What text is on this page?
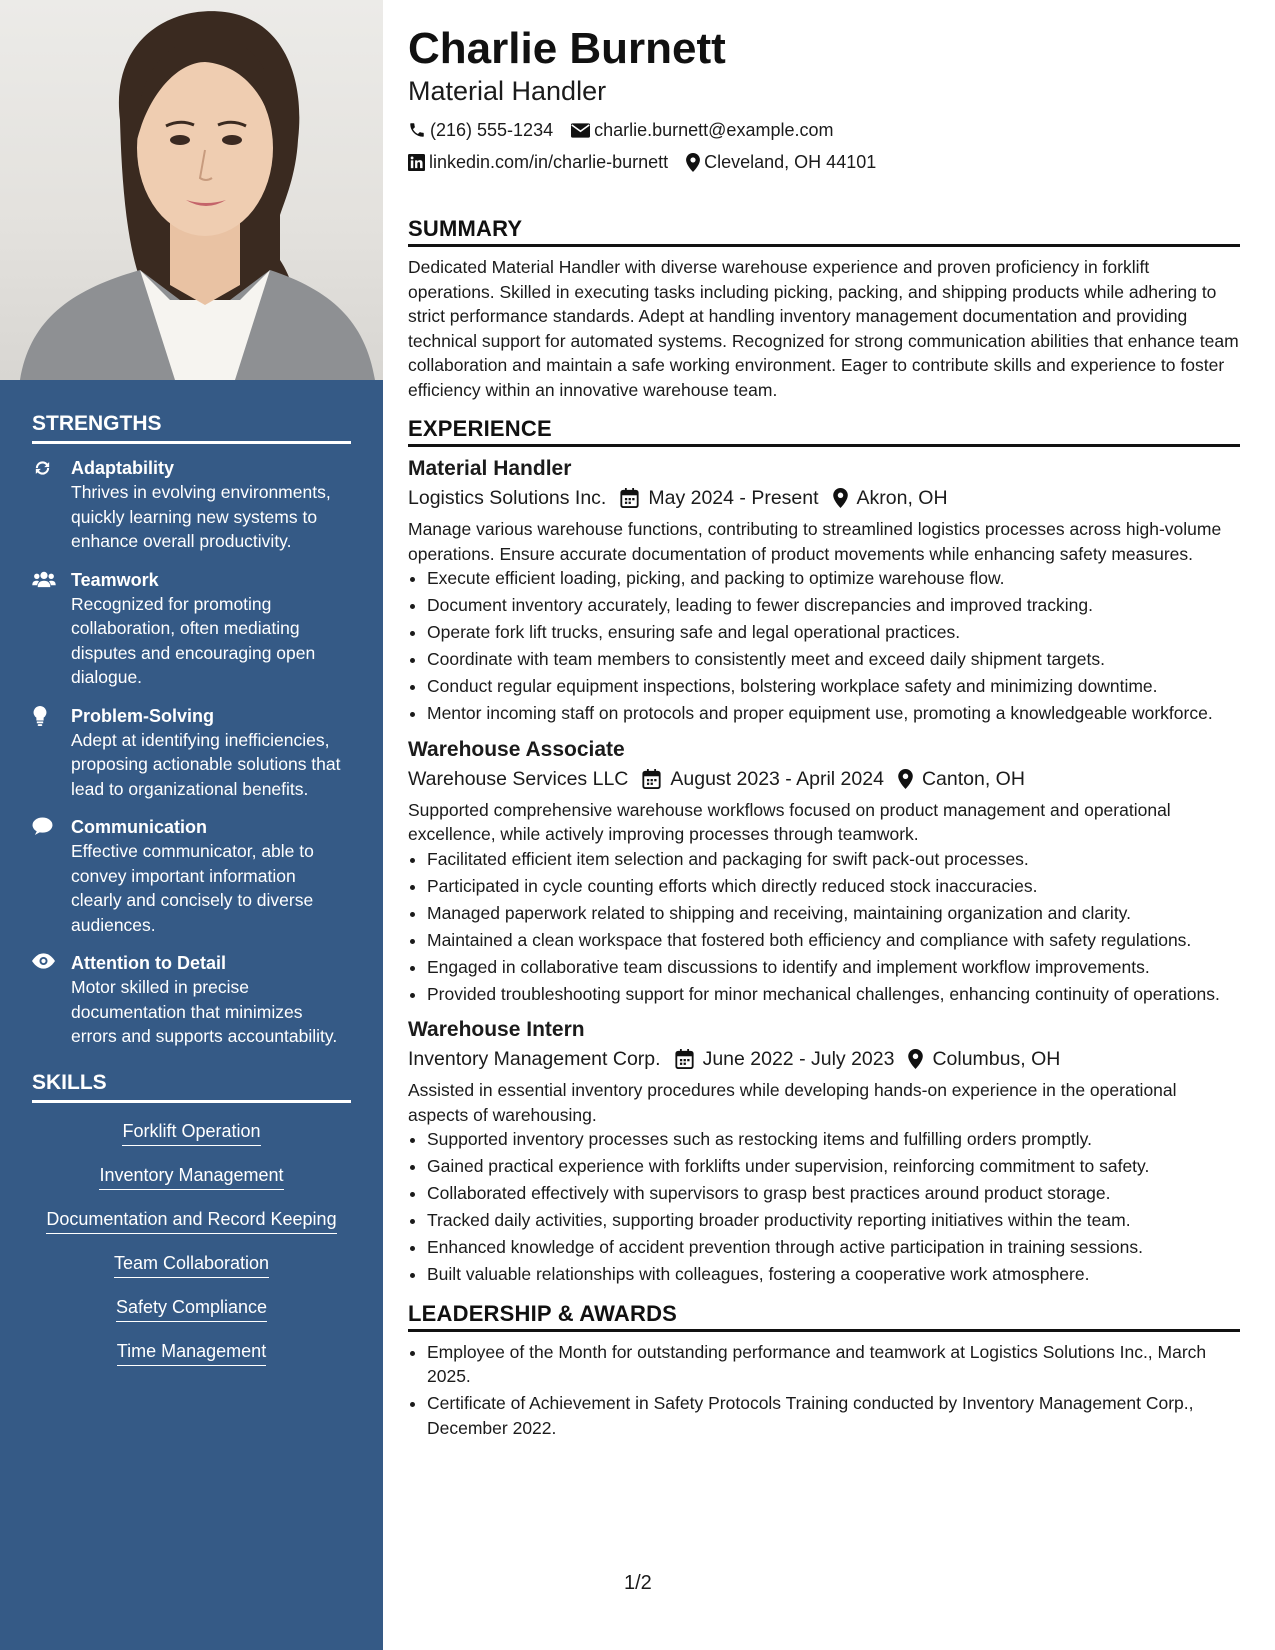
STRENGTHS
Adaptability
Thrives in evolving environments, quickly learning new systems to enhance overall productivity.
Teamwork
Recognized for promoting collaboration, often mediating disputes and encouraging open dialogue.
Problem-Solving
Adept at identifying inefficiencies, proposing actionable solutions that lead to organizational benefits.
Communication
Effective communicator, able to convey important information clearly and concisely to diverse audiences.
Attention to Detail
Motor skilled in precise documentation that minimizes errors and supports accountability.
SKILLS
Forklift Operation
Inventory Management
Documentation and Record Keeping
Team Collaboration
Safety Compliance
Time Management
Charlie Burnett
Material Handler
(216) 555-1234 charlie.burnett@example.com
linkedin.com/in/charlie-burnett Cleveland, OH 44101
SUMMARY
Dedicated Material Handler with diverse warehouse experience and proven proficiency in forklift operations. Skilled in executing tasks including picking, packing, and shipping products while adhering to strict performance standards. Adept at handling inventory management documentation and providing technical support for automated systems. Recognized for strong communication abilities that enhance team collaboration and maintain a safe working environment. Eager to contribute skills and experience to foster efficiency within an innovative warehouse team.
EXPERIENCE
Material Handler
Logistics Solutions Inc. May 2024 - Present Akron, OH
Manage various warehouse functions, contributing to streamlined logistics processes across high-volume operations. Ensure accurate documentation of product movements while enhancing safety measures.
• Execute efficient loading, picking, and packing to optimize warehouse flow.
• Document inventory accurately, leading to fewer discrepancies and improved tracking.
• Operate fork lift trucks, ensuring safe and legal operational practices.
• Coordinate with team members to consistently meet and exceed daily shipment targets.
• Conduct regular equipment inspections, bolstering workplace safety and minimizing downtime.
• Mentor incoming staff on protocols and proper equipment use, promoting a knowledgeable workforce.
Warehouse Associate
Warehouse Services LLC August 2023 - April 2024 Canton, OH
Supported comprehensive warehouse workflows focused on product management and operational excellence, while actively improving processes through teamwork.
• Facilitated efficient item selection and packaging for swift pack-out processes.
• Participated in cycle counting efforts which directly reduced stock inaccuracies.
• Managed paperwork related to shipping and receiving, maintaining organization and clarity.
• Maintained a clean workspace that fostered both efficiency and compliance with safety regulations.
• Engaged in collaborative team discussions to identify and implement workflow improvements.
• Provided troubleshooting support for minor mechanical challenges, enhancing continuity of operations.
Warehouse Intern
Inventory Management Corp. June 2022 - July 2023 Columbus, OH
Assisted in essential inventory procedures while developing hands-on experience in the operational aspects of warehousing.
• Supported inventory processes such as restocking items and fulfilling orders promptly.
• Gained practical experience with forklifts under supervision, reinforcing commitment to safety.
• Collaborated effectively with supervisors to grasp best practices around product storage.
• Tracked daily activities, supporting broader productivity reporting initiatives within the team.
• Enhanced knowledge of accident prevention through active participation in training sessions.
• Built valuable relationships with colleagues, fostering a cooperative work atmosphere.
LEADERSHIP & AWARDS
• Employee of the Month for outstanding performance and teamwork at Logistics Solutions Inc., March 2025.
• Certificate of Achievement in Safety Protocols Training conducted by Inventory Management Corp., December 2022.
1/2
